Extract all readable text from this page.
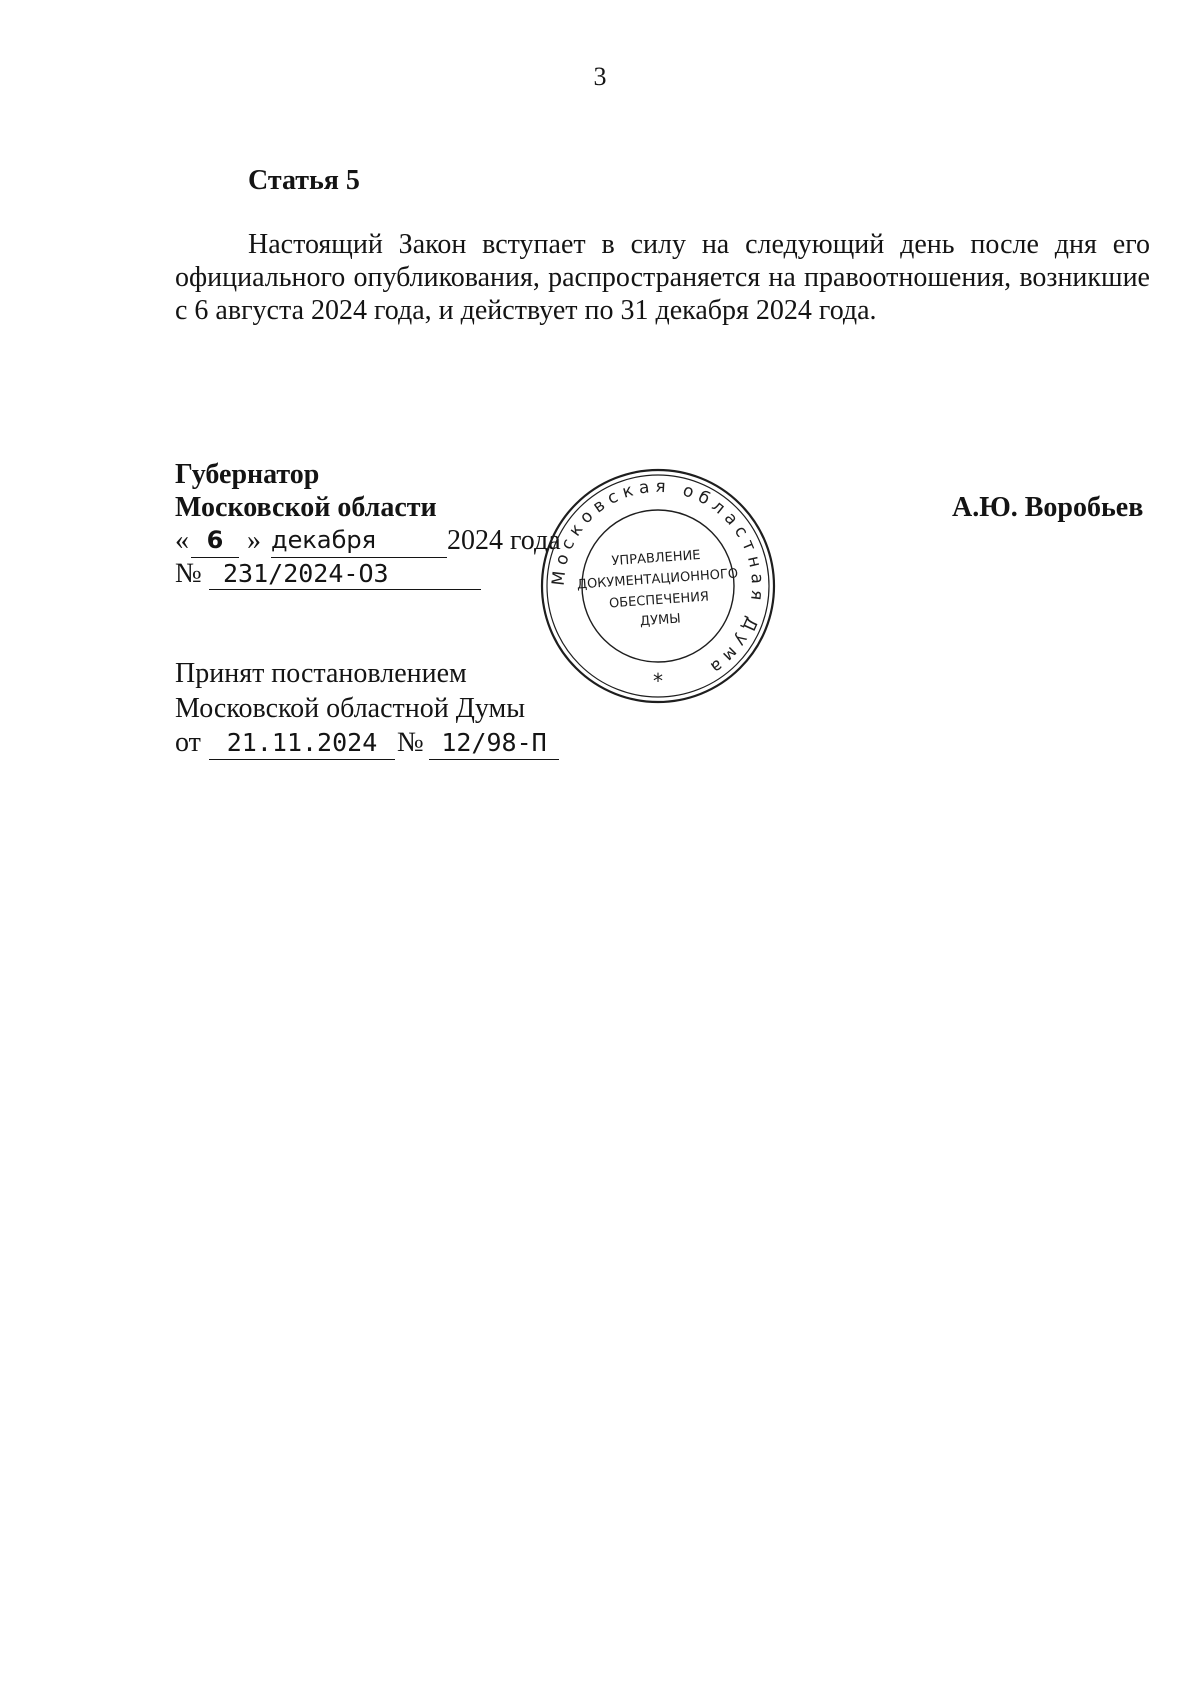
3
Статья 5

Настоящий Закон вступает в силу на следующий день после дня его официального опубликования, распространяется на правоотношения, возникшие с 6 августа 2024 года, и действует по 31 декабря 2024 года.

Губернатор
Московской области	А.Ю. Воробьев
« 6 » декабря	2024 года
№ 231/2024-ОЗ
Принят постановлением
Московской областной Думы
от	21.11.2024 № 12/98-П
Московская областная Дума
*
УПРАВЛЕНИЕ
ДОКУМЕНТАЦИОННОГО
ОБЕСПЕЧЕНИЯ
ДУМЫ
